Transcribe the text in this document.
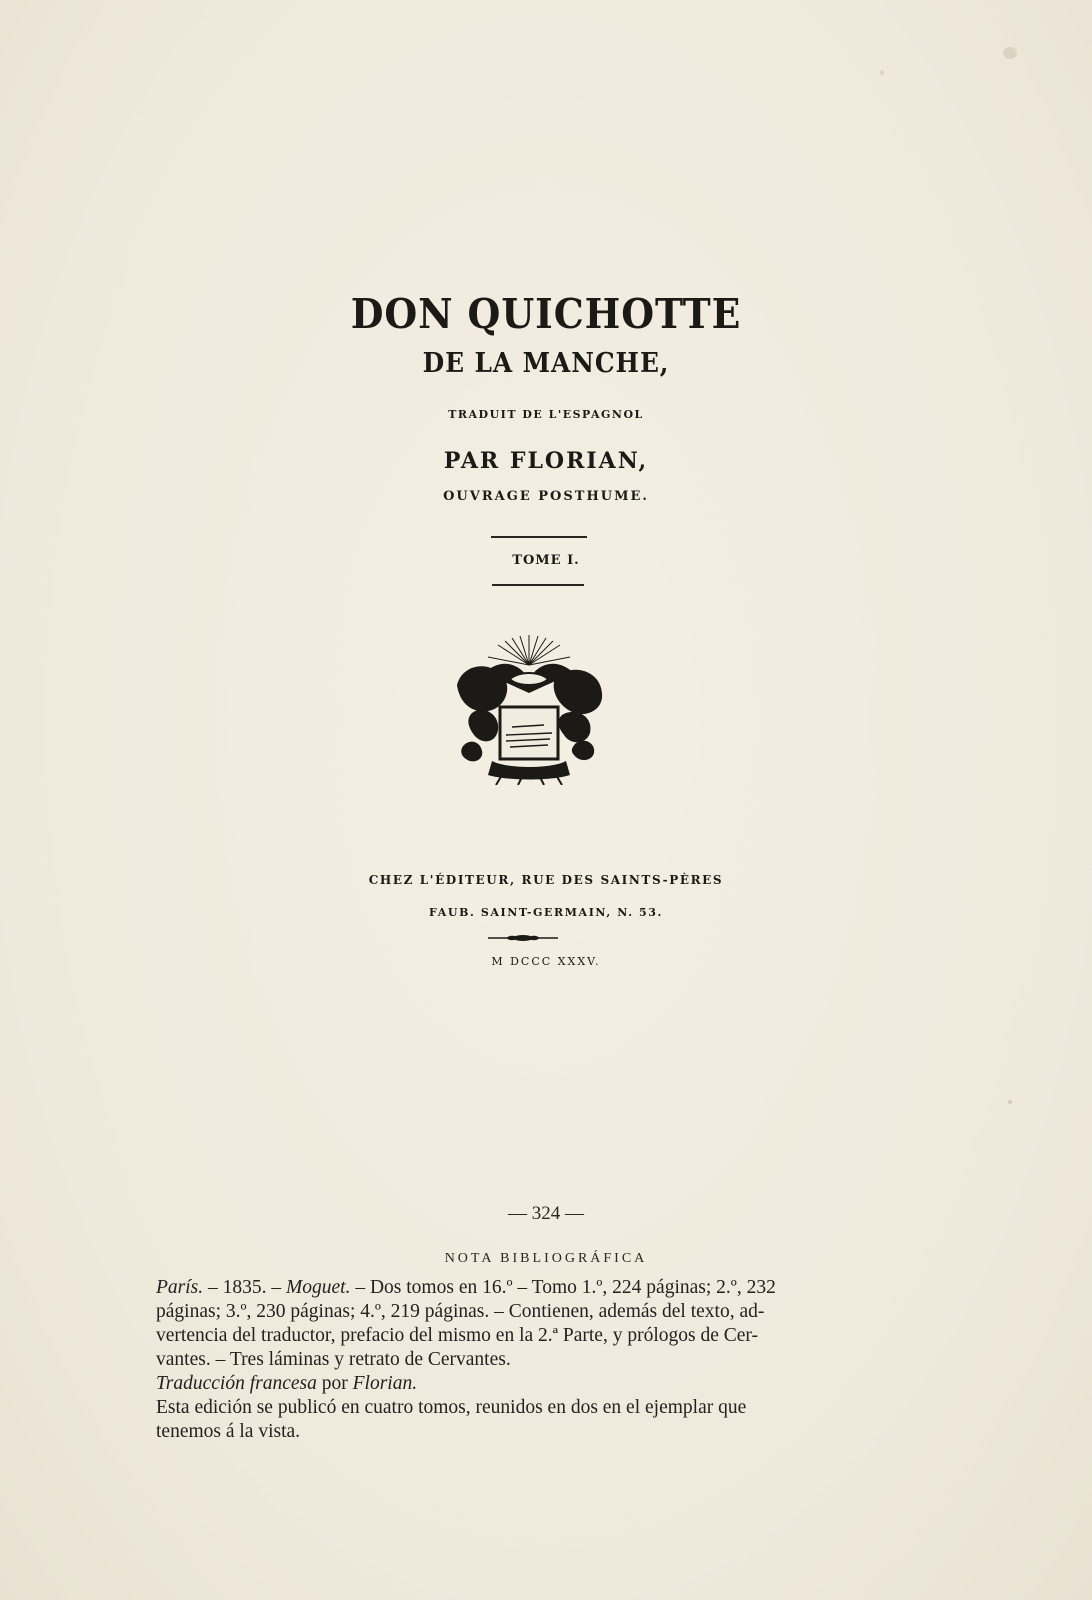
DON QUICHOTTE
DE LA MANCHE,
TRADUIT DE L'ESPAGNOL
PAR FLORIAN,
OUVRAGE POSTHUME.
TOME I.
CHEZ L'ÉDITEUR, RUE DES SAINTS-PÈRES
FAUB. SAINT-GERMAIN, N. 53.
M DCCC XXXV.
— 324 —
NOTA BIBLIOGRÁFICA
París. – 1835. – Moguet. – Dos tomos en 16.º – Tomo 1.º, 224 páginas; 2.º, 232
páginas; 3.º, 230 páginas; 4.º, 219 páginas. – Contienen, además del texto, ad-
vertencia del traductor, prefacio del mismo en la 2.ª Parte, y prólogos de Cer-
vantes. – Tres láminas y retrato de Cervantes.
Traducción francesa por Florian.
Esta edición se publicó en cuatro tomos, reunidos en dos en el ejemplar que
tenemos á la vista.
